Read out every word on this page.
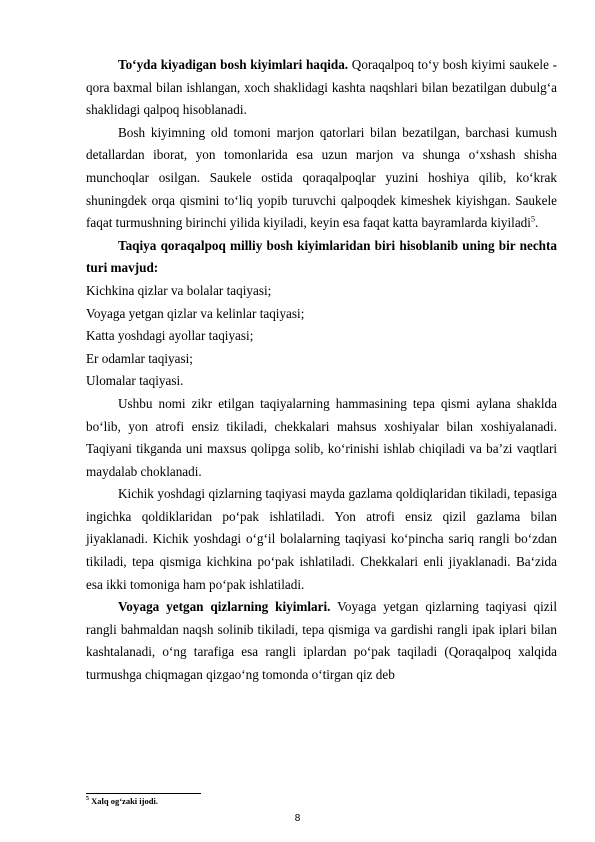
To‘yda kiyadigan bosh kiyimlari haqida. Qoraqalpoq to‘y bosh kiyimi saukele -qora baxmal bilan ishlangan, xoch shaklidagi kashta naqshlari bilan bezatilgan dubulg‘a shaklidagi qalpoq hisoblanadi.

Bosh kiyimning old tomoni marjon qatorlari bilan bezatilgan, barchasi kumush detallardan iborat, yon tomonlarida esa uzun marjon va shunga o‘xshash shisha munchoqlar osilgan. Saukele ostida qoraqalpoqlar yuzini hoshiya qilib, ko‘krak shuningdek orqa qismini to‘liq yopib turuvchi qalpoqdek kimeshek kiyishgan. Saukele faqat turmushning birinchi yilida kiyiladi, keyin esa faqat katta bayramlarda kiyiladi$^5$.

Taqiya qoraqalpoq milliy bosh kiyimlaridan biri hisoblanib uning bir nechta turi mavjud:

Kichkina qizlar va bolalar taqiyasi;

Voyaga yetgan qizlar va kelinlar taqiyasi;

Katta yoshdagi ayollar taqiyasi;

Er odamlar taqiyasi;

Ulomalar taqiyasi.

Ushbu nomi zikr etilgan taqiyalarning hammasining tepa qismi aylana shaklda bo‘lib, yon atrofi ensiz tikiladi, chekkalari mahsus xoshiyalar bilan xoshiyalanadi. Taqiyani tikganda uni maxsus qolipga solib, ko‘rinishi ishlab chiqiladi va ba’zi vaqtlari maydalab choklanadi.

Kichik yoshdagi qizlarning taqiyasi mayda gazlama qoldiqlaridan tikiladi, tepasiga ingichka qoldiklaridan po‘pak ishlatiladi. Yon atrofi ensiz qizil gazlama bilan jiyaklanadi. Kichik yoshdagi o‘g‘il bolalarning taqiyasi ko‘pincha sariq rangli bo‘zdan tikiladi, tepa qismiga kichkina po‘pak ishlatiladi. Chekkalari enli jiyaklanadi. Ba‘zida esa ikki tomoniga ham po‘pak ishlatiladi.

Voyaga yetgan qizlarning kiyimlari. Voyaga yetgan qizlarning taqiyasi qizil rangli bahmaldan naqsh solinib tikiladi, tepa qismiga va gardishi rangli ipak iplari bilan kashtalanadi, o‘ng tarafiga esa rangli iplardan po‘pak taqiladi (Qoraqalpoq xalqida turmushga chiqmagan qizgao‘ng tomonda o‘tirgan qiz deb

$^5$ Xalq og‘zaki ijodi.
8
